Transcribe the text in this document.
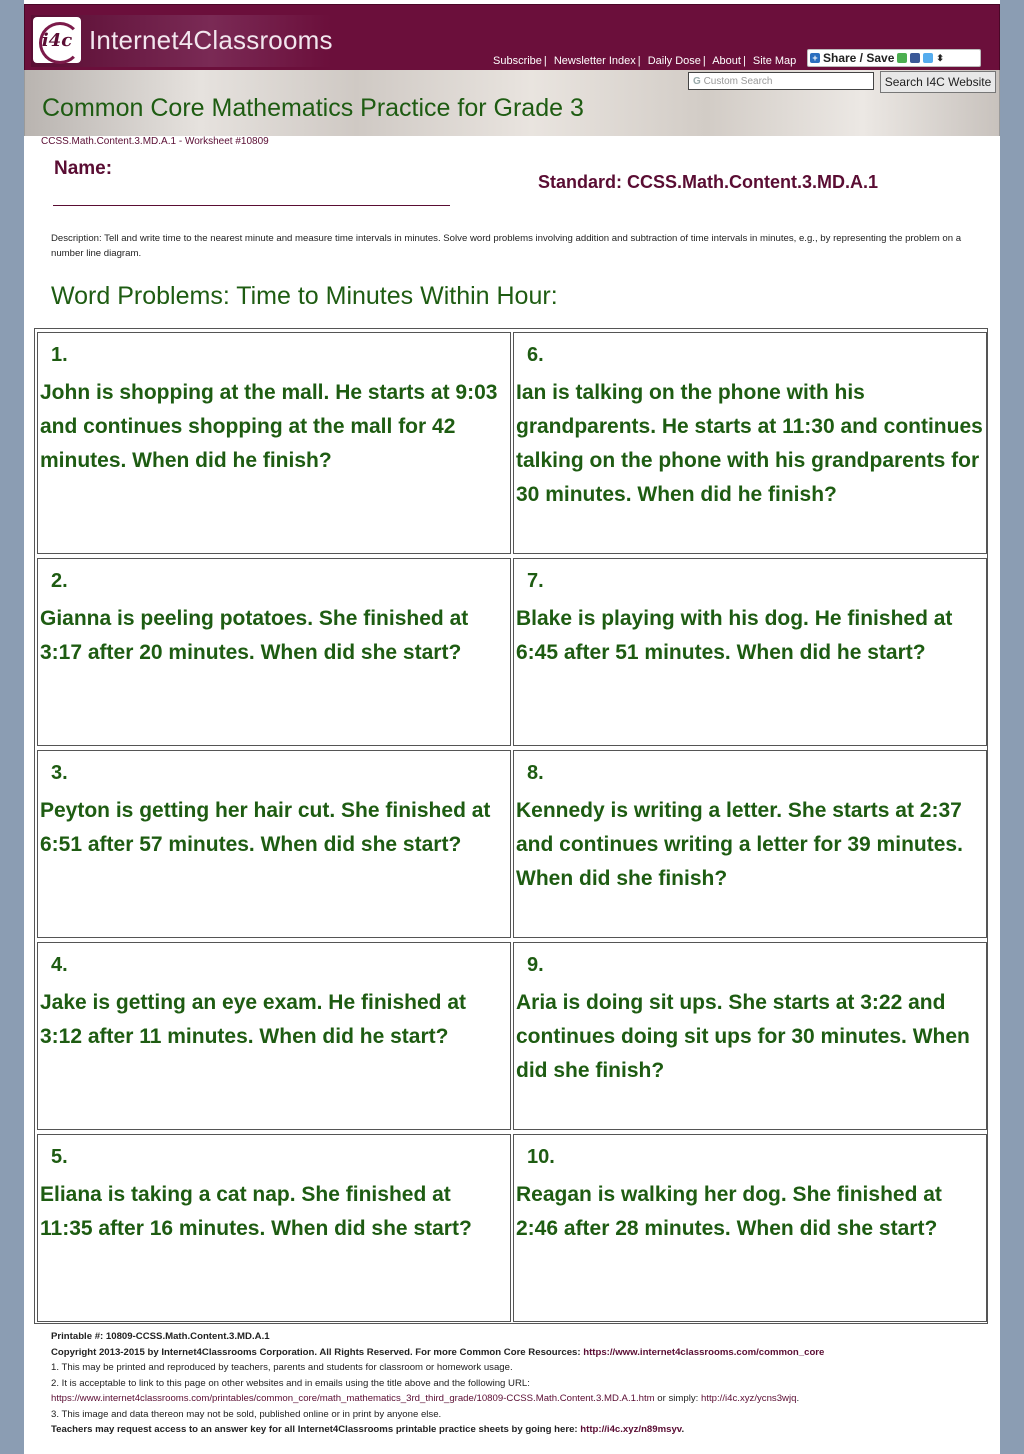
i4c Internet4Classrooms
Subscribe | Newsletter Index | Daily Dose | About | Site Map + Share / Save	⬍
G Custom Search	Search I4C Website
Common Core Mathematics Practice for Grade 3
CCSS.Math.Content.3.MD.A.1 - Worksheet #10809
Name:
Standard: CCSS.Math.Content.3.MD.A.1
Description: Tell and write time to the nearest minute and measure time intervals in minutes. Solve word problems involving addition and subtraction of time intervals in minutes, e.g., by representing the problem on a number line diagram.
Word Problems: Time to Minutes Within Hour:
1.
John is shopping at the mall. He starts at 9:03 and continues shopping at the mall for 42 minutes. When did he finish?
6.
Ian is talking on the phone with his grandparents. He starts at 11:30 and continues talking on the phone with his grandparents for 30 minutes. When did he finish?
2.
Gianna is peeling potatoes. She finished at 3:17 after 20 minutes. When did she start?
7.
Blake is playing with his dog. He finished at 6:45 after 51 minutes. When did he start?
3.
Peyton is getting her hair cut. She finished at 6:51 after 57 minutes. When did she start?
8.
Kennedy is writing a letter. She starts at 2:37 and continues writing a letter for 39 minutes. When did she finish?
4.
Jake is getting an eye exam. He finished at 3:12 after 11 minutes. When did he start?
9.
Aria is doing sit ups. She starts at 3:22 and continues doing sit ups for 30 minutes. When did she finish?
5.
Eliana is taking a cat nap. She finished at 11:35 after 16 minutes. When did she start?
10.
Reagan is walking her dog. She finished at 2:46 after 28 minutes. When did she start?
Printable #: 10809-CCSS.Math.Content.3.MD.A.1
Copyright 2013-2015 by Internet4Classrooms Corporation. All Rights Reserved. For more Common Core Resources: https://www.internet4classrooms.com/common_core
1. This may be printed and reproduced by teachers, parents and students for classroom or homework usage.
2. It is acceptable to link to this page on other websites and in emails using the title above and the following URL:
https://www.internet4classrooms.com/printables/common_core/math_mathematics_3rd_third_grade/10809-CCSS.Math.Content.3.MD.A.1.htm or simply: http://i4c.xyz/ycns3wjq.
3. This image and data thereon may not be sold, published online or in print by anyone else.
Teachers may request access to an answer key for all Internet4Classrooms printable practice sheets by going here: http://i4c.xyz/n89msyv.
